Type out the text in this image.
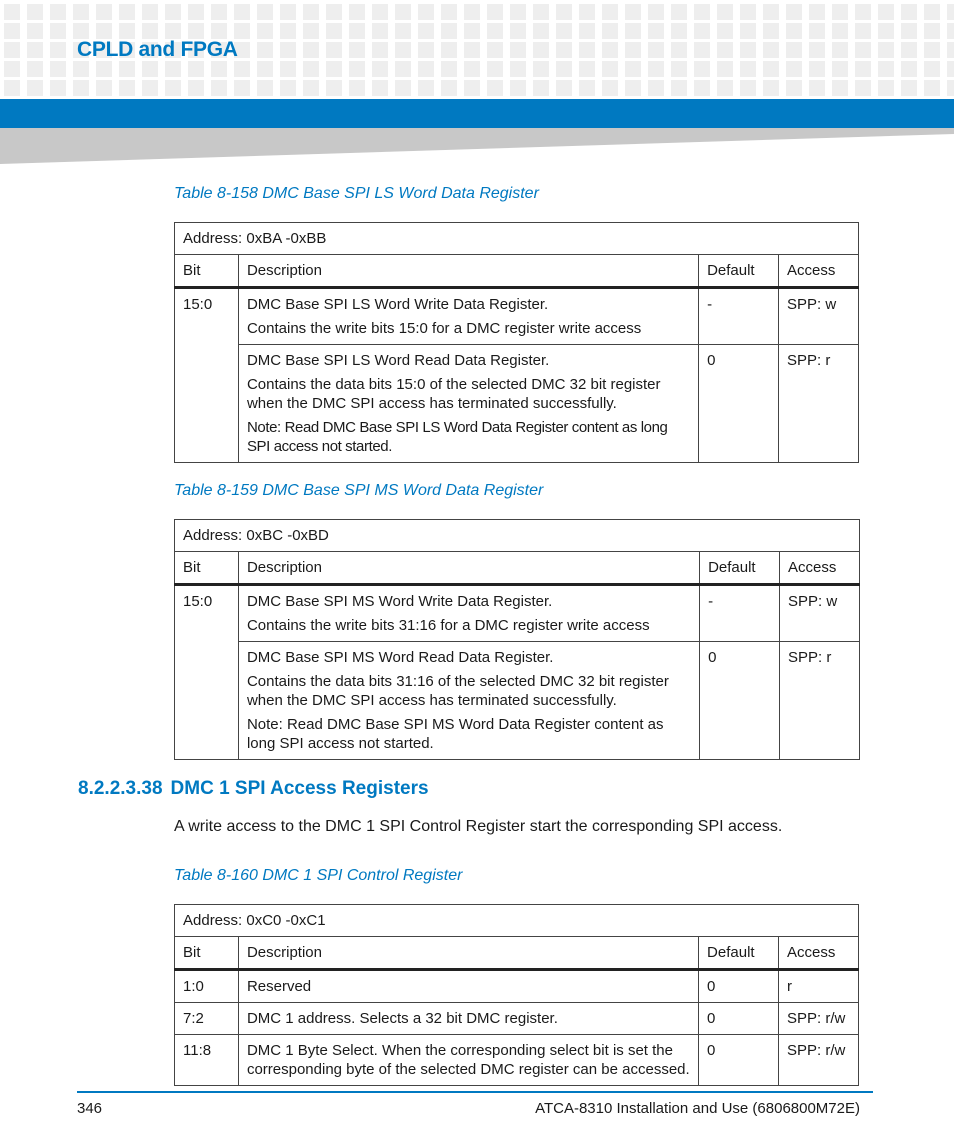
CPLD and FPGA
Table 8-158 DMC Base SPI LS Word Data Register
Address: 0xBA -0xBB			
Bit	Description	Default	Access
15:0	DMC Base SPI LS Word Write Data Register.

Contains the write bits 15:0 for a DMC register write access	-	SPP: w

	DMC Base SPI LS Word Read Data Register.

Contains the data bits 15:0 of the selected DMC 32 bit register when the DMC SPI access has terminated successfully.

Note: Read DMC Base SPI LS Word Data Register content as long SPI access not started.	0	SPP: r
Table 8-159 DMC Base SPI MS Word Data Register
Address: 0xBC -0xBD			
Bit	Description	Default	Access
15:0	DMC Base SPI MS Word Write Data Register.

Contains the write bits 31:16 for a DMC register write access	-	SPP: w

	DMC Base SPI MS Word Read Data Register.

Contains the data bits 31:16 of the selected DMC 32 bit register when the DMC SPI access has terminated successfully.

Note: Read DMC Base SPI MS Word Data Register content as long SPI access not started.	0	SPP: r
8.2.2.3.38 DMC 1 SPI Access Registers
A write access to the DMC 1 SPI Control Register start the corresponding SPI access.
Table 8-160 DMC 1 SPI Control Register
Address: 0xC0 -0xC1			
Bit	Description	Default	Access
1:0	Reserved	0	r
7:2	DMC 1 address. Selects a 32 bit DMC register.	0	SPP: r/w
11:8	DMC 1 Byte Select. When the corresponding select bit is set the corresponding byte of the selected DMC register can be accessed.	0	SPP: r/w
346	ATCA-8310 Installation and Use (6806800M72E)
